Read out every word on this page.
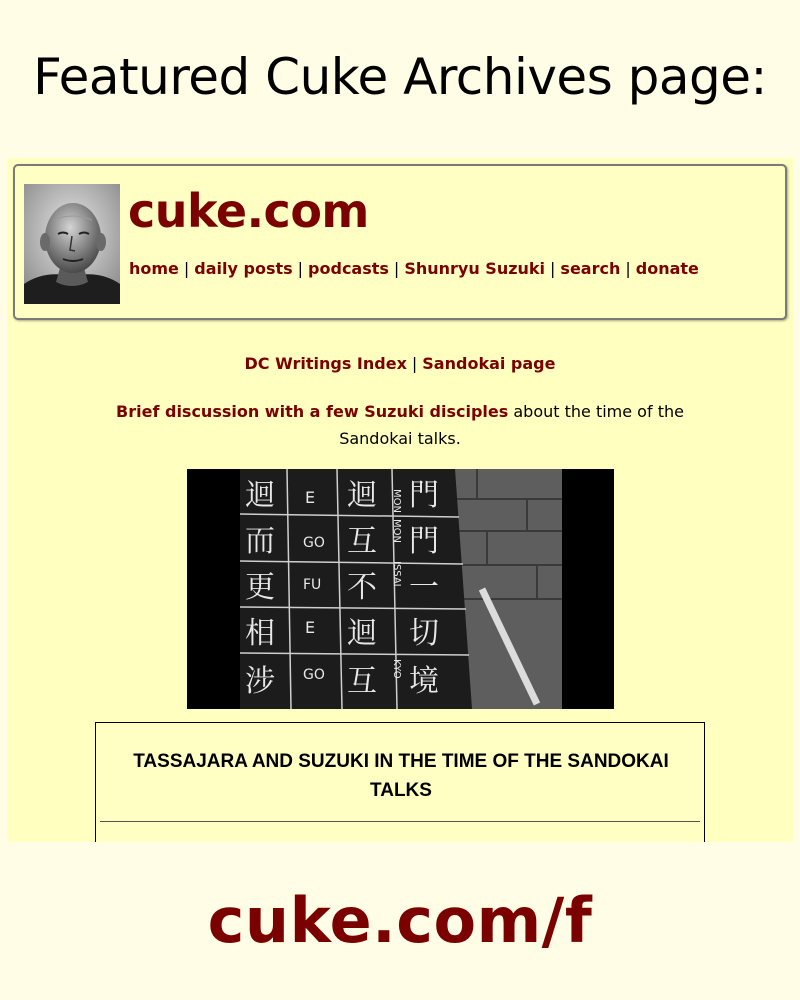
Featured Cuke Archives page:
cuke.com
home | daily posts | podcasts | Shunryu Suzuki | search | donate
DC Writings Index | Sandokai page
Brief discussion with a few Suzuki disciples about the time of the Sandokai talks.
迴
而
更
相
涉
迴
互
不
迴
互
門
門
一
切
境
E
GO
FU
E
GO
MON
MON
ISSAI
KYO
TASSAJARA AND SUZUKI IN THE TIME OF THE SANDOKAI TALKS
cuke.com/f
